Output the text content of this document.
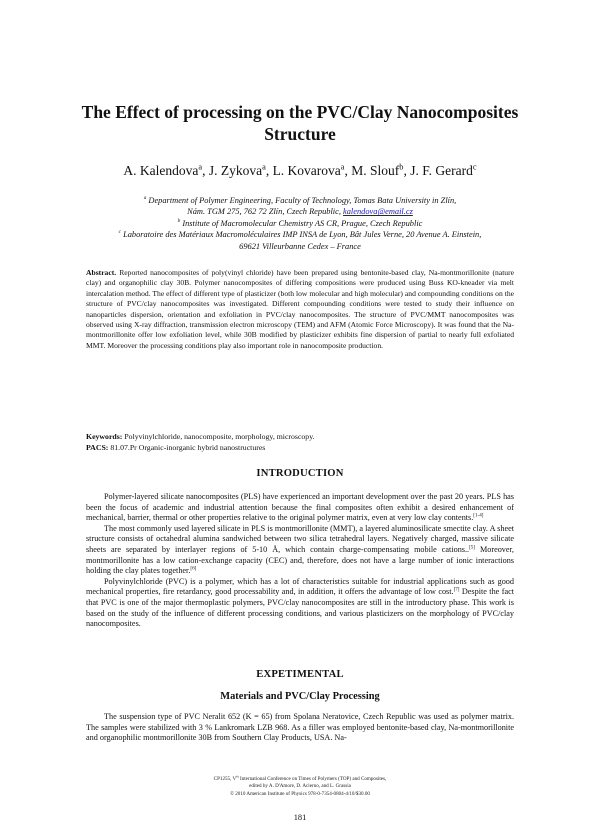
The Effect of processing on the PVC/Clay Nanocomposites
Structure
A. Kalendova$^a$, J. Zykova$^a$, L. Kovarova$^a$, M. Slouf$^b$, J. F. Gerard$^c$
$^a$ Department of Polymer Engineering, Faculty of Technology, Tomas Bata University in Zlín,
Nám. TGM 275, 762 72 Zlín, Czech Republic, kalendova@email.cz
$^b$ Institute of Macromolecular Chemistry AS CR, Prague, Czech Republic
$^c$ Laboratoire des Matériaux Macromoléculaires IMP INSA de Lyon, Bât Jules Verne, 20 Avenue A. Einstein,
69621 Villeurbanne Cedex – France

Abstract. Reported nanocomposites of poly(vinyl chloride) have been prepared using bentonite-based clay, Na-montmorillonite (nature clay) and organophilic clay 30B. Polymer nanocomposites of differing compositions were produced using Buss KO-kneader via melt intercalation method. The effect of different type of plasticizer (both low molecular and high molecular) and compounding conditions on the structure of PVC/clay nanocomposites was investigated. Different compounding conditions were tested to study their influence on nanoparticles dispersion, orientation and exfoliation in PVC/clay nanocomposites. The structure of PVC/MMT nanocomposites was observed using X-ray diffraction, transmission electron microscopy (TEM) and AFM (Atomic Force Microscopy). It was found that the Na-montmorillonite offer low exfoliation level, while 30B modified by plasticizer exhibits fine dispersion of partial to nearly full exfoliated MMT. Moreover the processing conditions play also important role in nanocomposite production.

Keywords: Polyvinylchloride, nanocomposite, morphology, microscopy.
PACS: 81.07.Pr Organic-inorganic hybrid nanostructures

INTRODUCTION

Polymer-layered silicate nanocomposites (PLS) have experienced an important development over the past 20 years. PLS has been the focus of academic and industrial attention because the final composites often exhibit a desired enhancement of mechanical, barrier, thermal or other properties relative to the original polymer matrix, even at very low clay contents.[1-4]

The most commonly used layered silicate in PLS is montmorillonite (MMT), a layered aluminosilicate smectite clay. A sheet structure consists of octahedral alumina sandwiched between two silica tetrahedral layers. Negatively charged, massive silicate sheets are separated by interlayer regions of 5-10 Å, which contain charge-compensating mobile cations..[5] Moreover, montmorillonite has a low cation-exchange capacity (CEC) and, therefore, does not have a large number of ionic interactions holding the clay plates together.[6]

Polyvinylchloride (PVC) is a polymer, which has a lot of characteristics suitable for industrial applications such as good mechanical properties, fire retardancy, good processability and, in addition, it offers the advantage of low cost.[7] Despite the fact that PVC is one of the major thermoplastic polymers, PVC/clay nanocomposites are still in the introductory phase. This work is based on the study of the influence of different processing conditions, and various plasticizers on the morphology of PVC/clay nanocomposites.

EXPETIMENTAL
Materials and PVC/Clay Processing

The suspension type of PVC Neralit 652 (K = 65) from Spolana Neratovice, Czech Republic was used as polymer matrix. The samples were stabilized with 3 % Lankromark LZB 968. As a filler was employed bentonite-based clay, Na-montmorillonite and organophilic montmorillonite 30B from Southern Clay Products, USA. Na-

CP1255, Vth International Conference on Times of Polymers (TOP) and Composites,
edited by A. D'Amore, D. Acierno, and L. Grassia
© 2010 American Institute of Physics 978-0-7354-0804-4/10/$30.00
181
